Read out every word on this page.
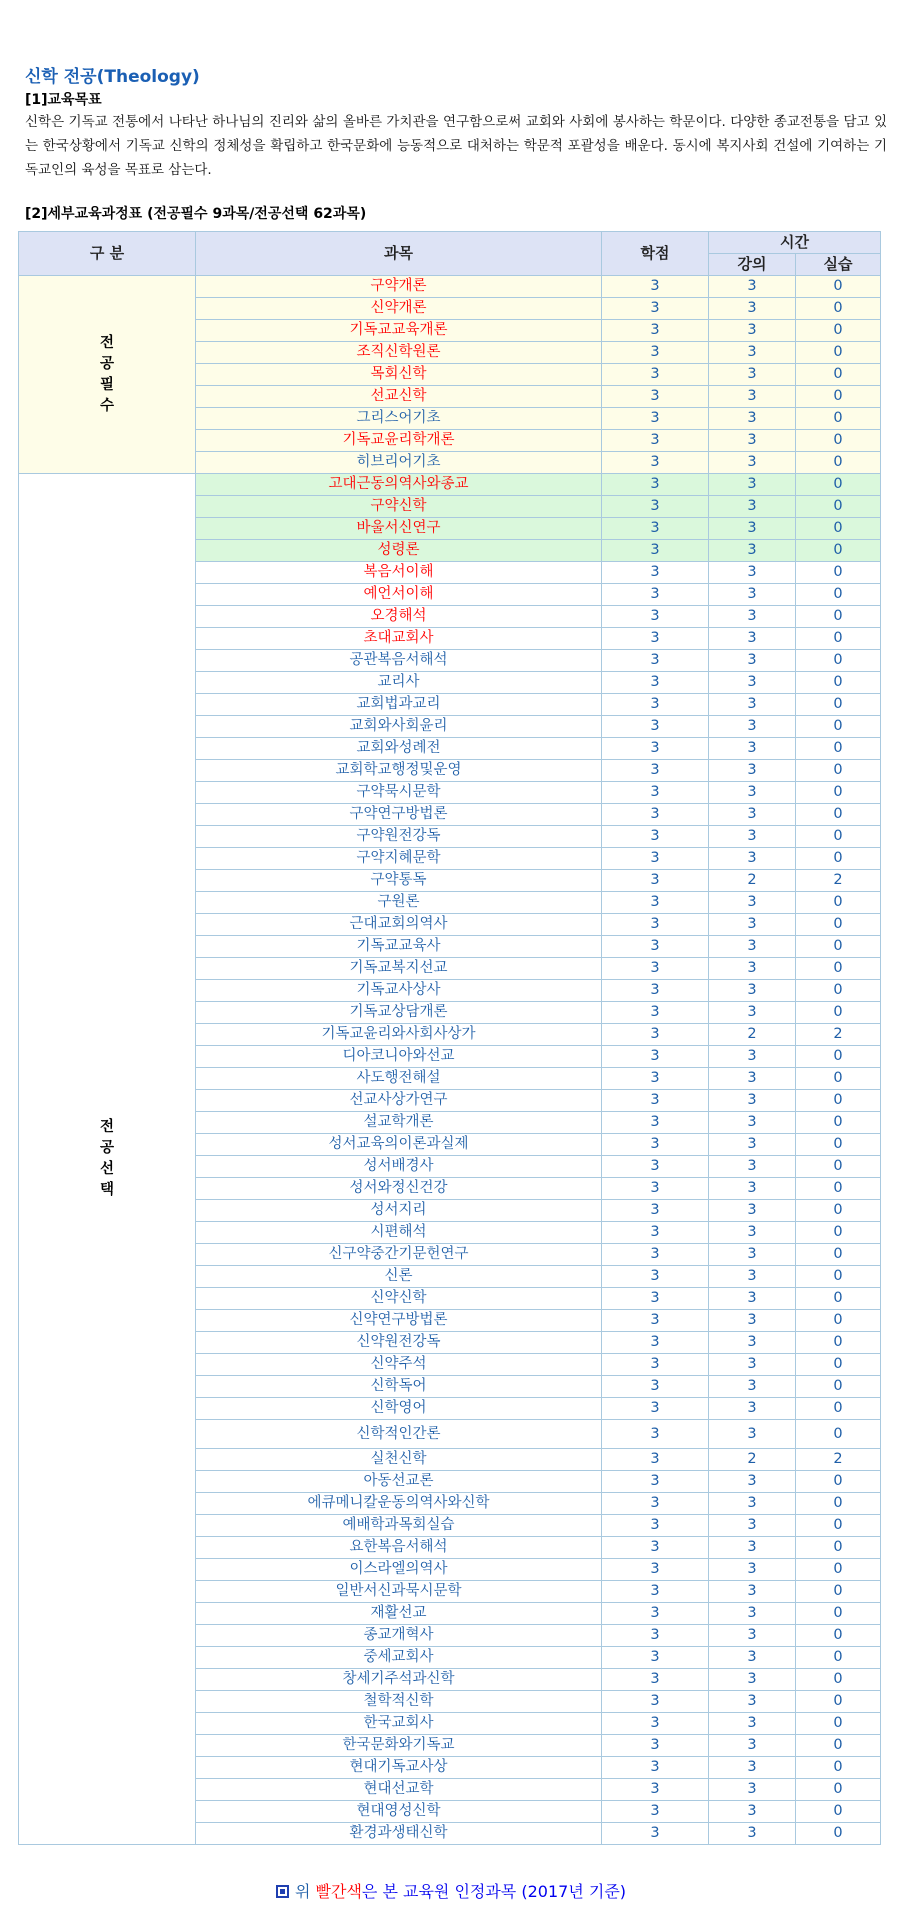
신학 전공(Theology)
[1]교육목표
신학은 기독교 전통에서 나타난 하나님의 진리와 삶의 올바른 가치관을 연구함으로써 교회와 사회에 봉사하는 학문이다. 다양한 종교전통을 담고 있는 한국상황에서 기독교 신학의 정체성을 확립하고 한국문화에 능동적으로 대처하는 학문적 포괄성을 배운다. 동시에 복지사회 건설에 기여하는 기독교인의 육성을 목표로 삼는다.
[2]세부교육과정표 (전공필수 9과목/전공선택 62과목)
구 분	과목	학점	시간	
			강의	실습
전공필수	구약개론	3	3	0
	신약개론	3	3	0
	기독교교육개론	3	3	0
	조직신학원론	3	3	0
	목회신학	3	3	0
	선교신학	3	3	0
	그리스어기초	3	3	0
	기독교윤리학개론	3	3	0
	히브리어기초	3	3	0
전공선택	고대근동의역사와종교	3	3	0
	구약신학	3	3	0
	바울서신연구	3	3	0
	성령론	3	3	0
	복음서이해	3	3	0
	예언서이해	3	3	0
	오경해석	3	3	0
	초대교회사	3	3	0
	공관복음서해석	3	3	0
	교리사	3	3	0
	교회법과교리	3	3	0
	교회와사회윤리	3	3	0
	교회와성례전	3	3	0
	교회학교행정및운영	3	3	0
	구약묵시문학	3	3	0
	구약연구방법론	3	3	0
	구약원전강독	3	3	0
	구약지혜문학	3	3	0
	구약통독	3	2	2
	구원론	3	3	0
	근대교회의역사	3	3	0
	기독교교육사	3	3	0
	기독교복지선교	3	3	0
	기독교사상사	3	3	0
	기독교상담개론	3	3	0
	기독교윤리와사회사상가	3	2	2
	디아코니아와선교	3	3	0
	사도행전해설	3	3	0
	선교사상가연구	3	3	0
	설교학개론	3	3	0
	성서교육의이론과실제	3	3	0
	성서배경사	3	3	0
	성서와정신건강	3	3	0
	성서지리	3	3	0
	시편해석	3	3	0
	신구약중간기문헌연구	3	3	0
	신론	3	3	0
	신약신학	3	3	0
	신약연구방법론	3	3	0
	신약원전강독	3	3	0
	신약주석	3	3	0
	신학독어	3	3	0
	신학영어	3	3	0
	신학적인간론	3	3	0
	실천신학	3	2	2
	아동선교론	3	3	0
	에큐메니칼운동의역사와신학	3	3	0
	예배학과목회실습	3	3	0
	요한복음서해석	3	3	0
	이스라엘의역사	3	3	0
	일반서신과묵시문학	3	3	0
	재활선교	3	3	0
	종교개혁사	3	3	0
	중세교회사	3	3	0
	창세기주석과신학	3	3	0
	철학적신학	3	3	0
	한국교회사	3	3	0
	한국문화와기독교	3	3	0
	현대기독교사상	3	3	0
	현대선교학	3	3	0
	현대영성신학	3	3	0
	환경과생태신학	3	3	0
위 빨간색은 본 교육원 인정과목 (2017년 기준)
